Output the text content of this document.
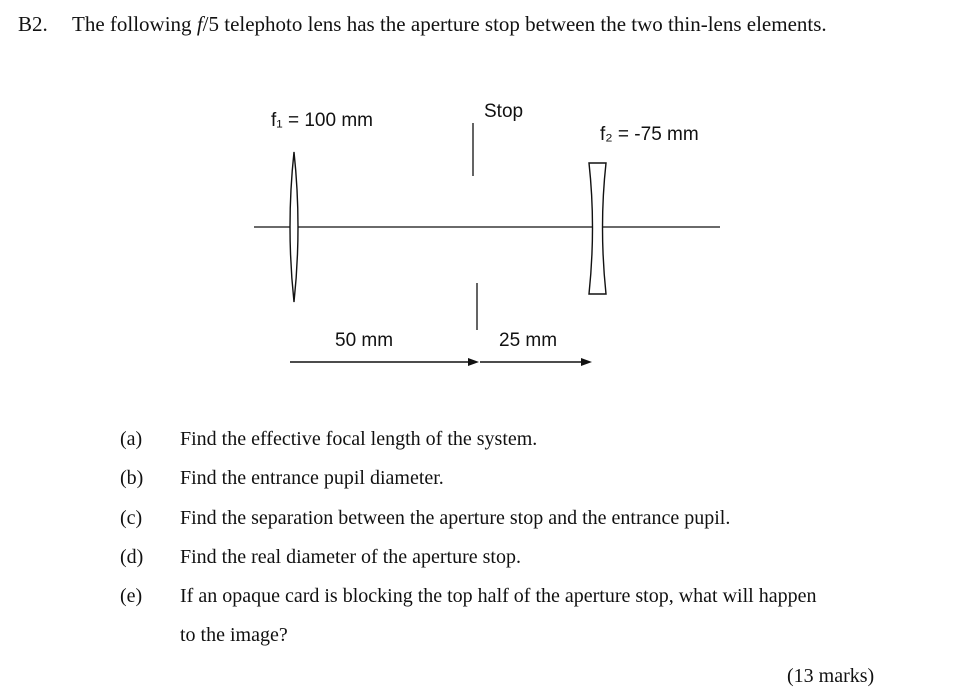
B2. The following f/5 telephoto lens has the aperture stop between the two thin-lens elements.
f₁ = 100 mm	Stop
f₂ = -75 mm
50 mm	25 mm
(a)	Find the effective focal length of the system.
(b)	Find the entrance pupil diameter.
(c)	Find the separation between the aperture stop and the entrance pupil.
(d)	Find the real diameter of the aperture stop.
(e)	If an opaque card is blocking the top half of the aperture stop, what will happen
to the image?
(13 marks)
